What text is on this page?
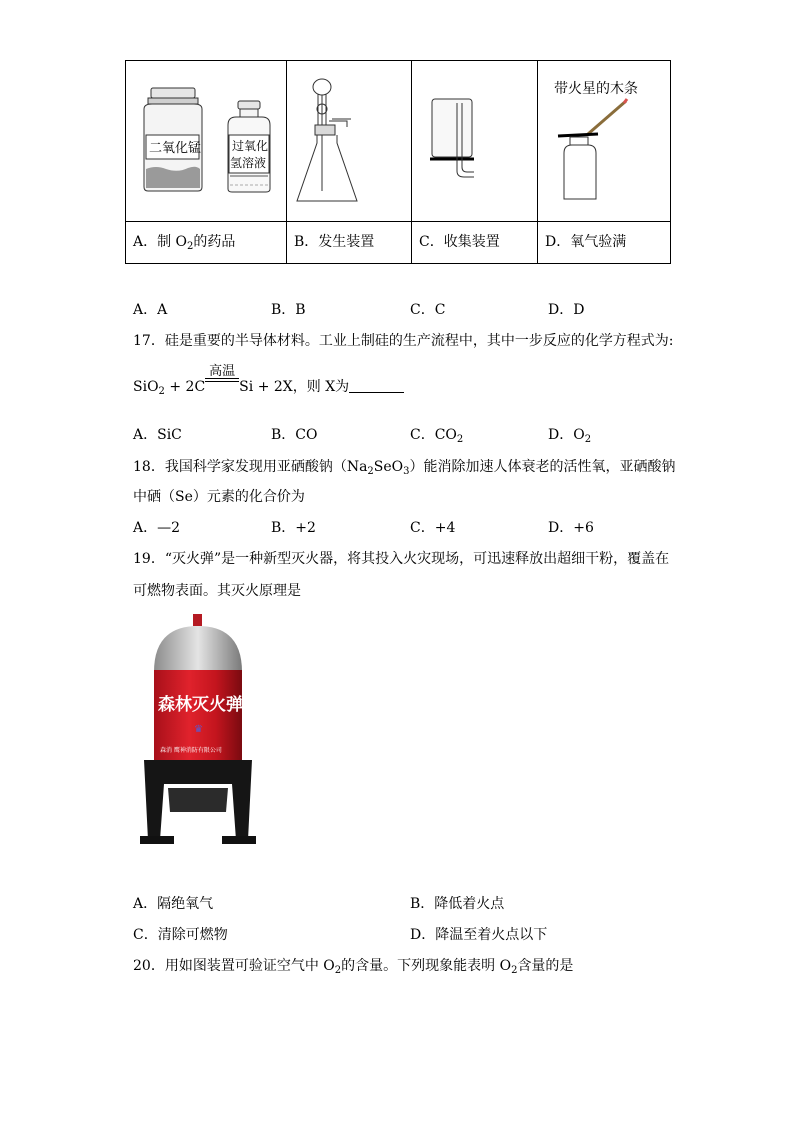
二氧化锰 过氧化
氢溶液			带火星的木条

A．制 $O_2$的药品	B．发生装置	C．收集装置	D．氧气验满
A．A	B．B	C．C	D．D
17．硅是重要的半导体材料。工业上制硅的生产流程中，其中一步反应的化学方程式为:
SiO$_2$ + 2C
高温
Si + 2X，则 X为
A．SiC	B．CO	C．$CO_2$	D．$O_2$
18．我国科学家发现用亚硒酸钠$(Na_2SeO_3)$能消除加速人体衰老的活性氧，亚硒酸钠
中硒（Se）元素的化合价为
A．—2	B．+2	C．+4	D．+6
19．“灭火弹”是一种新型灭火器，将其投入火灾现场，可迅速释放出超细干粉，覆盖在
可燃物表面。其灭火原理是
森林灭火弹
♛
森消 鹰神消防有限公司
A．隔绝氧气	B．降低着火点
C．清除可燃物	D．降温至着火点以下
20．用如图装置可验证空气中 $O_2$的含量。下列现象能表明 $O_2$含量的是
